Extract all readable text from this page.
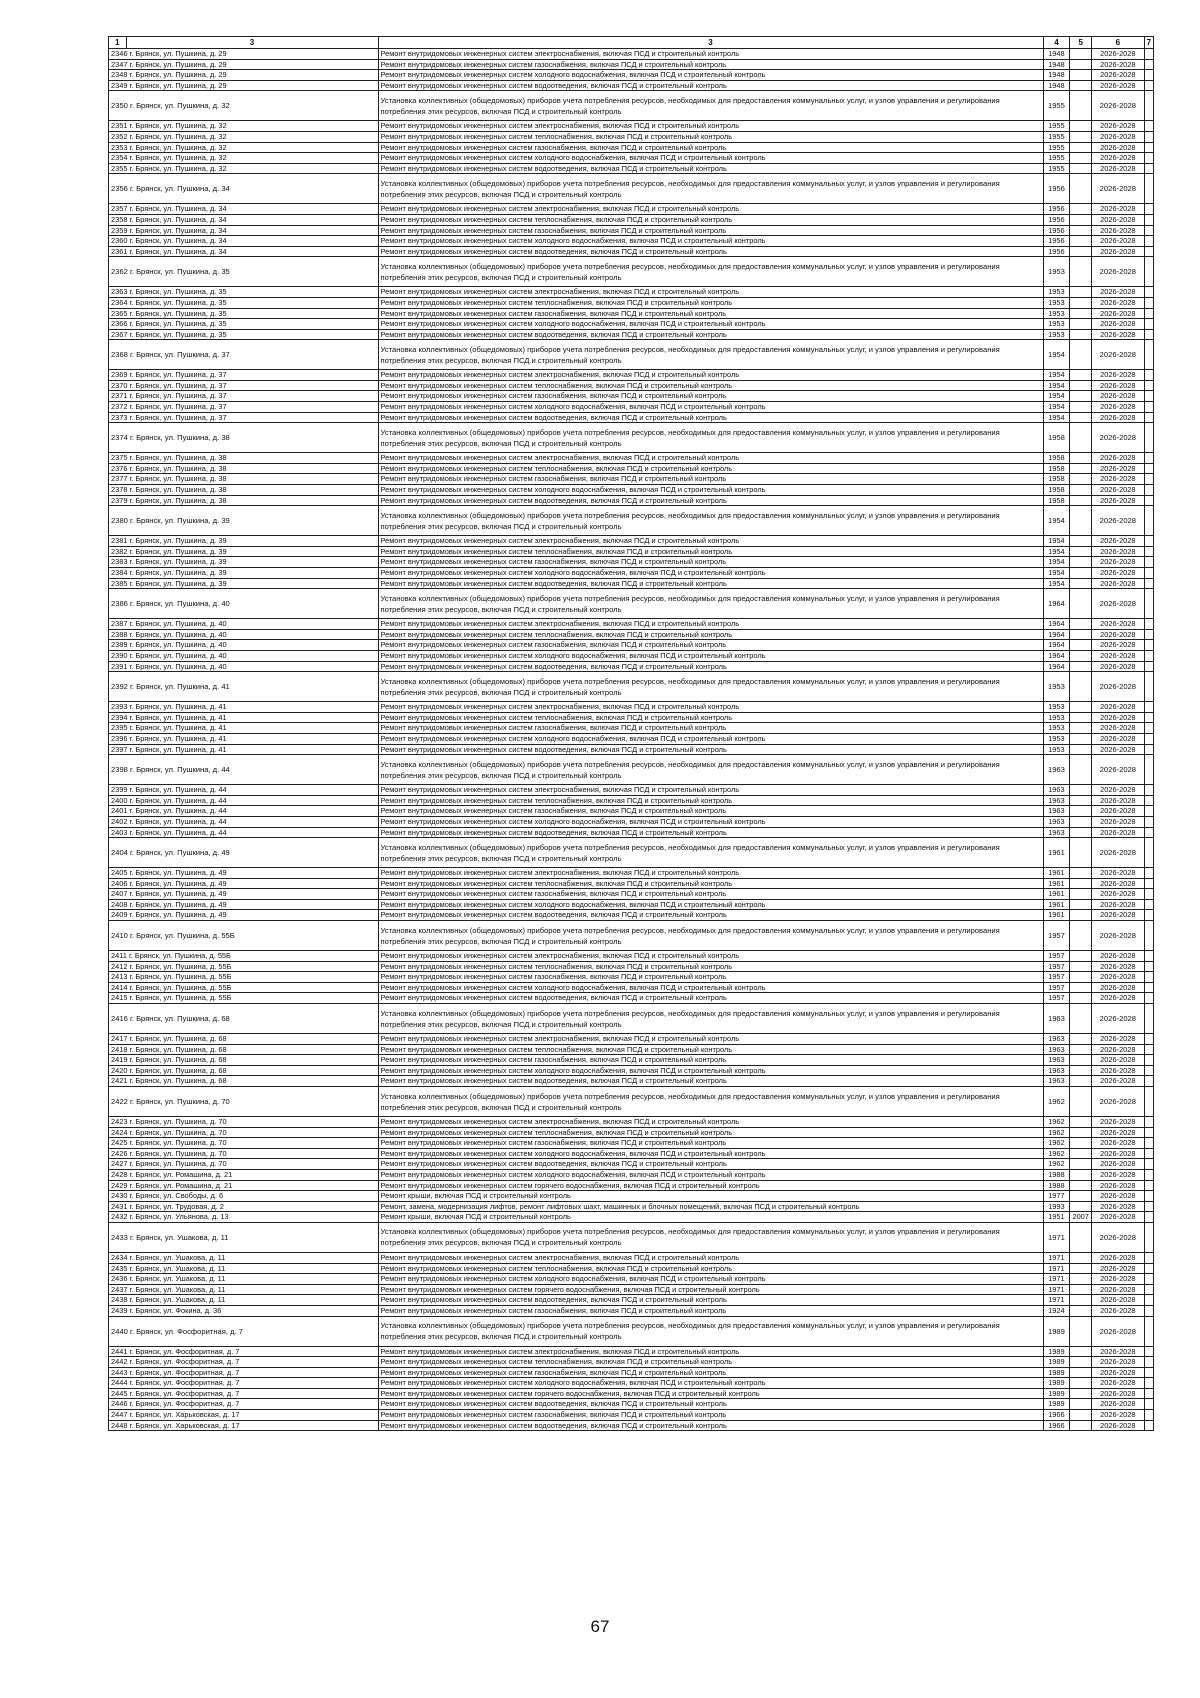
1	3	3	4	5	6	7
2346 г. Брянск, ул. Пушкина, д. 29		Ремонт внутридомовых инженерных систем электроснабжения, включая ПСД и строительный контроль	1948		2026-2028	
2347 г. Брянск, ул. Пушкина, д. 29		Ремонт внутридомовых инженерных систем газоснабжения, включая ПСД и строительный контроль	1948		2026-2028	
2348 г. Брянск, ул. Пушкина, д. 29		Ремонт внутридомовых инженерных систем холодного водоснабжения, включая ПСД и строительный контроль	1948		2026-2028	
2349 г. Брянск, ул. Пушкина, д. 29		Ремонт внутридомовых инженерных систем водоотведения, включая ПСД и строительный контроль	1948		2026-2028	
2350 г. Брянск, ул. Пушкина, д. 32		Установка коллективных (общедомовых) приборов учета потребления ресурсов, необходимых для предоставления коммунальных услуг, и узлов управления и регулирования потребления этих ресурсов, включая ПСД и строительный контроль	1955		2026-2028	
2351 г. Брянск, ул. Пушкина, д. 32		Ремонт внутридомовых инженерных систем электроснабжения, включая ПСД и строительный контроль	1955		2026-2028	
2352 г. Брянск, ул. Пушкина, д. 32		Ремонт внутридомовых инженерных систем теплоснабжения, включая ПСД и строительный контроль	1955		2026-2028	
2353 г. Брянск, ул. Пушкина, д. 32		Ремонт внутридомовых инженерных систем газоснабжения, включая ПСД и строительный контроль	1955		2026-2028	
2354 г. Брянск, ул. Пушкина, д. 32		Ремонт внутридомовых инженерных систем холодного водоснабжения, включая ПСД и строительный контроль	1955		2026-2028	
2355 г. Брянск, ул. Пушкина, д. 32		Ремонт внутридомовых инженерных систем водоотведения, включая ПСД и строительный контроль	1955		2026-2028	
2356 г. Брянск, ул. Пушкина, д. 34		Установка коллективных (общедомовых) приборов учета потребления ресурсов, необходимых для предоставления коммунальных услуг, и узлов управления и регулирования потребления этих ресурсов, включая ПСД и строительный контроль	1956		2026-2028	
2357 г. Брянск, ул. Пушкина, д. 34		Ремонт внутридомовых инженерных систем электроснабжения, включая ПСД и строительный контроль	1956		2026-2028	
2358 г. Брянск, ул. Пушкина, д. 34		Ремонт внутридомовых инженерных систем теплоснабжения, включая ПСД и строительный контроль	1956		2026-2028	
2359 г. Брянск, ул. Пушкина, д. 34		Ремонт внутридомовых инженерных систем газоснабжения, включая ПСД и строительный контроль	1956		2026-2028	
2360 г. Брянск, ул. Пушкина, д. 34		Ремонт внутридомовых инженерных систем холодного водоснабжения, включая ПСД и строительный контроль	1956		2026-2028	
2361 г. Брянск, ул. Пушкина, д. 34		Ремонт внутридомовых инженерных систем водоотведения, включая ПСД и строительный контроль	1956		2026-2028	
2362 г. Брянск, ул. Пушкина, д. 35		Установка коллективных (общедомовых) приборов учета потребления ресурсов, необходимых для предоставления коммунальных услуг, и узлов управления и регулирования потребления этих ресурсов, включая ПСД и строительный контроль	1953		2026-2028	
2363 г. Брянск, ул. Пушкина, д. 35		Ремонт внутридомовых инженерных систем электроснабжения, включая ПСД и строительный контроль	1953		2026-2028	
2364 г. Брянск, ул. Пушкина, д. 35		Ремонт внутридомовых инженерных систем теплоснабжения, включая ПСД и строительный контроль	1953		2026-2028	
2365 г. Брянск, ул. Пушкина, д. 35		Ремонт внутридомовых инженерных систем газоснабжения, включая ПСД и строительный контроль	1953		2026-2028	
2366 г. Брянск, ул. Пушкина, д. 35		Ремонт внутридомовых инженерных систем холодного водоснабжения, включая ПСД и строительный контроль	1953		2026-2028	
2367 г. Брянск, ул. Пушкина, д. 35		Ремонт внутридомовых инженерных систем водоотведения, включая ПСД и строительный контроль	1953		2026-2028	
2368 г. Брянск, ул. Пушкина, д. 37		Установка коллективных (общедомовых) приборов учета потребления ресурсов, необходимых для предоставления коммунальных услуг, и узлов управления и регулирования потребления этих ресурсов, включая ПСД и строительный контроль	1954		2026-2028	
2369 г. Брянск, ул. Пушкина, д. 37		Ремонт внутридомовых инженерных систем электроснабжения, включая ПСД и строительный контроль	1954		2026-2028	
2370 г. Брянск, ул. Пушкина, д. 37		Ремонт внутридомовых инженерных систем теплоснабжения, включая ПСД и строительный контроль	1954		2026-2028	
2371 г. Брянск, ул. Пушкина, д. 37		Ремонт внутридомовых инженерных систем газоснабжения, включая ПСД и строительный контроль	1954		2026-2028	
2372 г. Брянск, ул. Пушкина, д. 37		Ремонт внутридомовых инженерных систем холодного водоснабжения, включая ПСД и строительный контроль	1954		2026-2028	
2373 г. Брянск, ул. Пушкина, д. 37		Ремонт внутридомовых инженерных систем водоотведения, включая ПСД и строительный контроль	1954		2026-2028	
2374 г. Брянск, ул. Пушкина, д. 38		Установка коллективных (общедомовых) приборов учета потребления ресурсов, необходимых для предоставления коммунальных услуг, и узлов управления и регулирования потребления этих ресурсов, включая ПСД и строительный контроль	1958		2026-2028	
2375 г. Брянск, ул. Пушкина, д. 38		Ремонт внутридомовых инженерных систем электроснабжения, включая ПСД и строительный контроль	1958		2026-2028	
2376 г. Брянск, ул. Пушкина, д. 38		Ремонт внутридомовых инженерных систем теплоснабжения, включая ПСД и строительный контроль	1958		2026-2028	
2377 г. Брянск, ул. Пушкина, д. 38		Ремонт внутридомовых инженерных систем газоснабжения, включая ПСД и строительный контроль	1958		2026-2028	
2378 г. Брянск, ул. Пушкина, д. 38		Ремонт внутридомовых инженерных систем холодного водоснабжения, включая ПСД и строительный контроль	1958		2026-2028	
2379 г. Брянск, ул. Пушкина, д. 38		Ремонт внутридомовых инженерных систем водоотведения, включая ПСД и строительный контроль	1958		2026-2028	
2380 г. Брянск, ул. Пушкина, д. 39		Установка коллективных (общедомовых) приборов учета потребления ресурсов, необходимых для предоставления коммунальных услуг, и узлов управления и регулирования потребления этих ресурсов, включая ПСД и строительный контроль	1954		2026-2028	
2381 г. Брянск, ул. Пушкина, д. 39		Ремонт внутридомовых инженерных систем электроснабжения, включая ПСД и строительный контроль	1954		2026-2028	
2382 г. Брянск, ул. Пушкина, д. 39		Ремонт внутридомовых инженерных систем теплоснабжения, включая ПСД и строительный контроль	1954		2026-2028	
2383 г. Брянск, ул. Пушкина, д. 39		Ремонт внутридомовых инженерных систем газоснабжения, включая ПСД и строительный контроль	1954		2026-2028	
2384 г. Брянск, ул. Пушкина, д. 39		Ремонт внутридомовых инженерных систем холодного водоснабжения, включая ПСД и строительный контроль	1954		2026-2028	
2385 г. Брянск, ул. Пушкина, д. 39		Ремонт внутридомовых инженерных систем водоотведения, включая ПСД и строительный контроль	1954		2026-2028	
2386 г. Брянск, ул. Пушкина, д. 40		Установка коллективных (общедомовых) приборов учета потребления ресурсов, необходимых для предоставления коммунальных услуг, и узлов управления и регулирования потребления этих ресурсов, включая ПСД и строительный контроль	1964		2026-2028	
2387 г. Брянск, ул. Пушкина, д. 40		Ремонт внутридомовых инженерных систем электроснабжения, включая ПСД и строительный контроль	1964		2026-2028	
2388 г. Брянск, ул. Пушкина, д. 40		Ремонт внутридомовых инженерных систем теплоснабжения, включая ПСД и строительный контроль	1964		2026-2028	
2389 г. Брянск, ул. Пушкина, д. 40		Ремонт внутридомовых инженерных систем газоснабжения, включая ПСД и строительный контроль	1964		2026-2028	
2390 г. Брянск, ул. Пушкина, д. 40		Ремонт внутридомовых инженерных систем холодного водоснабжения, включая ПСД и строительный контроль	1964		2026-2028	
2391 г. Брянск, ул. Пушкина, д. 40		Ремонт внутридомовых инженерных систем водоотведения, включая ПСД и строительный контроль	1964		2026-2028	
2392 г. Брянск, ул. Пушкина, д. 41		Установка коллективных (общедомовых) приборов учета потребления ресурсов, необходимых для предоставления коммунальных услуг, и узлов управления и регулирования потребления этих ресурсов, включая ПСД и строительный контроль	1953		2026-2028	
2393 г. Брянск, ул. Пушкина, д. 41		Ремонт внутридомовых инженерных систем электроснабжения, включая ПСД и строительный контроль	1953		2026-2028	
2394 г. Брянск, ул. Пушкина, д. 41		Ремонт внутридомовых инженерных систем теплоснабжения, включая ПСД и строительный контроль	1953		2026-2028	
2395 г. Брянск, ул. Пушкина, д. 41		Ремонт внутридомовых инженерных систем газоснабжения, включая ПСД и строительный контроль	1953		2026-2028	
2396 г. Брянск, ул. Пушкина, д. 41		Ремонт внутридомовых инженерных систем холодного водоснабжения, включая ПСД и строительный контроль	1953		2026-2028	
2397 г. Брянск, ул. Пушкина, д. 41		Ремонт внутридомовых инженерных систем водоотведения, включая ПСД и строительный контроль	1953		2026-2028	
2398 г. Брянск, ул. Пушкина, д. 44		Установка коллективных (общедомовых) приборов учета потребления ресурсов, необходимых для предоставления коммунальных услуг, и узлов управления и регулирования потребления этих ресурсов, включая ПСД и строительный контроль	1963		2026-2028	
2399 г. Брянск, ул. Пушкина, д. 44		Ремонт внутридомовых инженерных систем электроснабжения, включая ПСД и строительный контроль	1963		2026-2028	
2400 г. Брянск, ул. Пушкина, д. 44		Ремонт внутридомовых инженерных систем теплоснабжения, включая ПСД и строительный контроль	1963		2026-2028	
2401 г. Брянск, ул. Пушкина, д. 44		Ремонт внутридомовых инженерных систем газоснабжения, включая ПСД и строительный контроль	1963		2026-2028	
2402 г. Брянск, ул. Пушкина, д. 44		Ремонт внутридомовых инженерных систем холодного водоснабжения, включая ПСД и строительный контроль	1963		2026-2028	
2403 г. Брянск, ул. Пушкина, д. 44		Ремонт внутридомовых инженерных систем водоотведения, включая ПСД и строительный контроль	1963		2026-2028	
2404 г. Брянск, ул. Пушкина, д. 49		Установка коллективных (общедомовых) приборов учета потребления ресурсов, необходимых для предоставления коммунальных услуг, и узлов управления и регулирования потребления этих ресурсов, включая ПСД и строительный контроль	1961		2026-2028	
2405 г. Брянск, ул. Пушкина, д. 49		Ремонт внутридомовых инженерных систем электроснабжения, включая ПСД и строительный контроль	1961		2026-2028	
2406 г. Брянск, ул. Пушкина, д. 49		Ремонт внутридомовых инженерных систем теплоснабжения, включая ПСД и строительный контроль	1961		2026-2028	
2407 г. Брянск, ул. Пушкина, д. 49		Ремонт внутридомовых инженерных систем газоснабжения, включая ПСД и строительный контроль	1961		2026-2028	
2408 г. Брянск, ул. Пушкина, д. 49		Ремонт внутридомовых инженерных систем холодного водоснабжения, включая ПСД и строительный контроль	1961		2026-2028	
2409 г. Брянск, ул. Пушкина, д. 49		Ремонт внутридомовых инженерных систем водоотведения, включая ПСД и строительный контроль	1961		2026-2028	
2410 г. Брянск, ул. Пушкина, д. 55Б		Установка коллективных (общедомовых) приборов учета потребления ресурсов, необходимых для предоставления коммунальных услуг, и узлов управления и регулирования потребления этих ресурсов, включая ПСД и строительный контроль	1957		2026-2028	
2411 г. Брянск, ул. Пушкина, д. 55Б		Ремонт внутридомовых инженерных систем электроснабжения, включая ПСД и строительный контроль	1957		2026-2028	
2412 г. Брянск, ул. Пушкина, д. 55Б		Ремонт внутридомовых инженерных систем теплоснабжения, включая ПСД и строительный контроль	1957		2026-2028	
2413 г. Брянск, ул. Пушкина, д. 55Б		Ремонт внутридомовых инженерных систем газоснабжения, включая ПСД и строительный контроль	1957		2026-2028	
2414 г. Брянск, ул. Пушкина, д. 55Б		Ремонт внутридомовых инженерных систем холодного водоснабжения, включая ПСД и строительный контроль	1957		2026-2028	
2415 г. Брянск, ул. Пушкина, д. 55Б		Ремонт внутридомовых инженерных систем водоотведения, включая ПСД и строительный контроль	1957		2026-2028	
2416 г. Брянск, ул. Пушкина, д. 68		Установка коллективных (общедомовых) приборов учета потребления ресурсов, необходимых для предоставления коммунальных услуг, и узлов управления и регулирования потребления этих ресурсов, включая ПСД и строительный контроль	1963		2026-2028	
2417 г. Брянск, ул. Пушкина, д. 68		Ремонт внутридомовых инженерных систем электроснабжения, включая ПСД и строительный контроль	1963		2026-2028	
2418 г. Брянск, ул. Пушкина, д. 68		Ремонт внутридомовых инженерных систем теплоснабжения, включая ПСД и строительный контроль	1963		2026-2028	
2419 г. Брянск, ул. Пушкина, д. 68		Ремонт внутридомовых инженерных систем газоснабжения, включая ПСД и строительный контроль	1963		2026-2028	
2420 г. Брянск, ул. Пушкина, д. 68		Ремонт внутридомовых инженерных систем холодного водоснабжения, включая ПСД и строительный контроль	1963		2026-2028	
2421 г. Брянск, ул. Пушкина, д. 68		Ремонт внутридомовых инженерных систем водоотведения, включая ПСД и строительный контроль	1963		2026-2028	
2422 г. Брянск, ул. Пушкина, д. 70		Установка коллективных (общедомовых) приборов учета потребления ресурсов, необходимых для предоставления коммунальных услуг, и узлов управления и регулирования потребления этих ресурсов, включая ПСД и строительный контроль	1962		2026-2028	
2423 г. Брянск, ул. Пушкина, д. 70		Ремонт внутридомовых инженерных систем электроснабжения, включая ПСД и строительный контроль	1962		2026-2028	
2424 г. Брянск, ул. Пушкина, д. 70		Ремонт внутридомовых инженерных систем теплоснабжения, включая ПСД и строительный контроль	1962		2026-2028	
2425 г. Брянск, ул. Пушкина, д. 70		Ремонт внутридомовых инженерных систем газоснабжения, включая ПСД и строительный контроль	1962		2026-2028	
2426 г. Брянск, ул. Пушкина, д. 70		Ремонт внутридомовых инженерных систем холодного водоснабжения, включая ПСД и строительный контроль	1962		2026-2028	
2427 г. Брянск, ул. Пушкина, д. 70		Ремонт внутридомовых инженерных систем водоотведения, включая ПСД и строительный контроль	1962		2026-2028	
2428 г. Брянск, ул. Ромашина, д. 21		Ремонт внутридомовых инженерных систем холодного водоснабжения, включая ПСД и строительный контроль	1988		2026-2028	
2429 г. Брянск, ул. Ромашина, д. 21		Ремонт внутридомовых инженерных систем горячего водоснабжения, включая ПСД и строительный контроль	1988		2026-2028	
2430 г. Брянск, ул. Свободы, д. 6		Ремонт крыши, включая ПСД и строительный контроль	1977		2026-2028	
2431 г. Брянск, ул. Трудовая, д. 2		Ремонт, замена, модернизация лифтов, ремонт лифтовых шахт, машинных и блочных помещений, включая ПСД и строительный контроль	1993		2026-2028	
2432 г. Брянск, ул. Ульянова, д. 13		Ремонт крыши, включая ПСД и строительный контроль	1951	2007	2026-2028	
2433 г. Брянск, ул. Ушакова, д. 11		Установка коллективных (общедомовых) приборов учета потребления ресурсов, необходимых для предоставления коммунальных услуг, и узлов управления и регулирования потребления этих ресурсов, включая ПСД и строительный контроль	1971		2026-2028	
2434 г. Брянск, ул. Ушакова, д. 11		Ремонт внутридомовых инженерных систем электроснабжения, включая ПСД и строительный контроль	1971		2026-2028	
2435 г. Брянск, ул. Ушакова, д. 11		Ремонт внутридомовых инженерных систем теплоснабжения, включая ПСД и строительный контроль	1971		2026-2028	
2436 г. Брянск, ул. Ушакова, д. 11		Ремонт внутридомовых инженерных систем холодного водоснабжения, включая ПСД и строительный контроль	1971		2026-2028	
2437 г. Брянск, ул. Ушакова, д. 11		Ремонт внутридомовых инженерных систем горячего водоснабжения, включая ПСД и строительный контроль	1971		2026-2028	
2438 г. Брянск, ул. Ушакова, д. 11		Ремонт внутридомовых инженерных систем водоотведения, включая ПСД и строительный контроль	1971		2026-2028	
2439 г. Брянск, ул. Фокина, д. 36		Ремонт внутридомовых инженерных систем газоснабжения, включая ПСД и строительный контроль	1924		2026-2028	
2440 г. Брянск, ул. Фосфоритная, д. 7		Установка коллективных (общедомовых) приборов учета потребления ресурсов, необходимых для предоставления коммунальных услуг, и узлов управления и регулирования потребления этих ресурсов, включая ПСД и строительный контроль	1989		2026-2028	
2441 г. Брянск, ул. Фосфоритная, д. 7		Ремонт внутридомовых инженерных систем электроснабжения, включая ПСД и строительный контроль	1989		2026-2028	
2442 г. Брянск, ул. Фосфоритная, д. 7		Ремонт внутридомовых инженерных систем теплоснабжения, включая ПСД и строительный контроль	1989		2026-2028	
2443 г. Брянск, ул. Фосфоритная, д. 7		Ремонт внутридомовых инженерных систем газоснабжения, включая ПСД и строительный контроль	1989		2026-2028	
2444 г. Брянск, ул. Фосфоритная, д. 7		Ремонт внутридомовых инженерных систем холодного водоснабжения, включая ПСД и строительный контроль	1989		2026-2028	
2445 г. Брянск, ул. Фосфоритная, д. 7		Ремонт внутридомовых инженерных систем горячего водоснабжения, включая ПСД и строительный контроль	1989		2026-2028	
2446 г. Брянск, ул. Фосфоритная, д. 7		Ремонт внутридомовых инженерных систем водоотведения, включая ПСД и строительный контроль	1989		2026-2028	
2447 г. Брянск, ул. Харьковская, д. 17		Ремонт внутридомовых инженерных систем газоснабжения, включая ПСД и строительный контроль	1966		2026-2028	
2448 г. Брянск, ул. Харьковская, д. 17		Ремонт внутридомовых инженерных систем водоотведения, включая ПСД и строительный контроль	1966		2026-2028	
67
